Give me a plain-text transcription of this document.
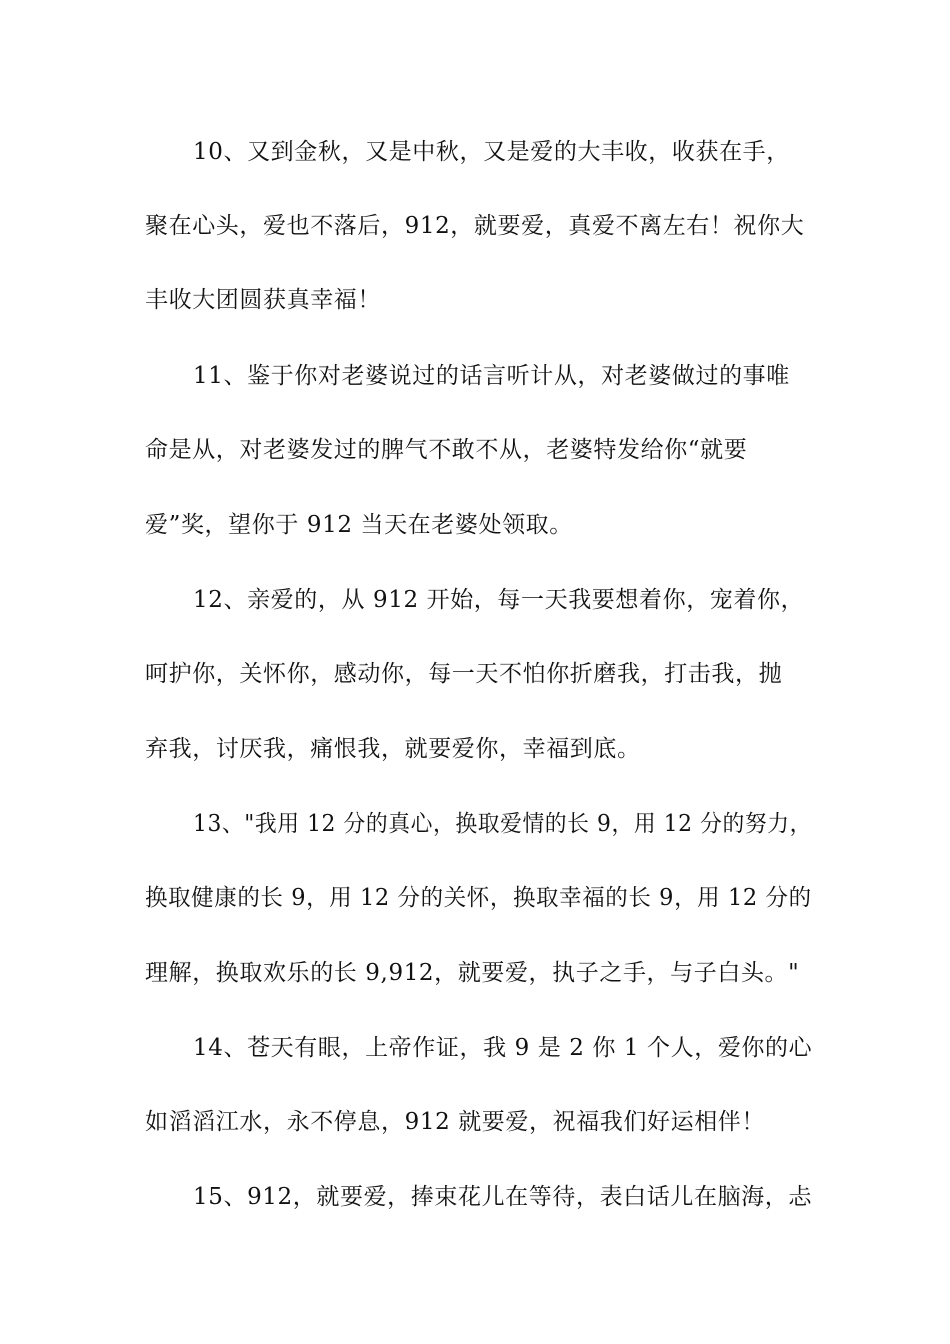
10、又到金秋，又是中秋，又是爱的大丰收，收获在手，
聚在心头，爱也不落后，912，就要爱，真爱不离左右！祝你大
丰收大团圆获真幸福！
11、鉴于你对老婆说过的话言听计从，对老婆做过的事唯
命是从，对老婆发过的脾气不敢不从，老婆特发给你“就要
爱”奖，望你于 912 当天在老婆处领取。
12、亲爱的，从 912 开始，每一天我要想着你，宠着你，
呵护你，关怀你，感动你，每一天不怕你折磨我，打击我，抛
弃我，讨厌我，痛恨我，就要爱你，幸福到底。
13、"我用 12 分的真心，换取爱情的长 9，用 12 分的努力，
换取健康的长 9，用 12 分的关怀，换取幸福的长 9，用 12 分的
理解，换取欢乐的长 9,912，就要爱，执子之手，与子白头。"
14、苍天有眼，上帝作证，我 9 是 2 你 1 个人，爱你的心
如滔滔江水，永不停息，912 就要爱，祝福我们好运相伴！
15、912，就要爱，捧束花儿在等待，表白话儿在脑海，忐
